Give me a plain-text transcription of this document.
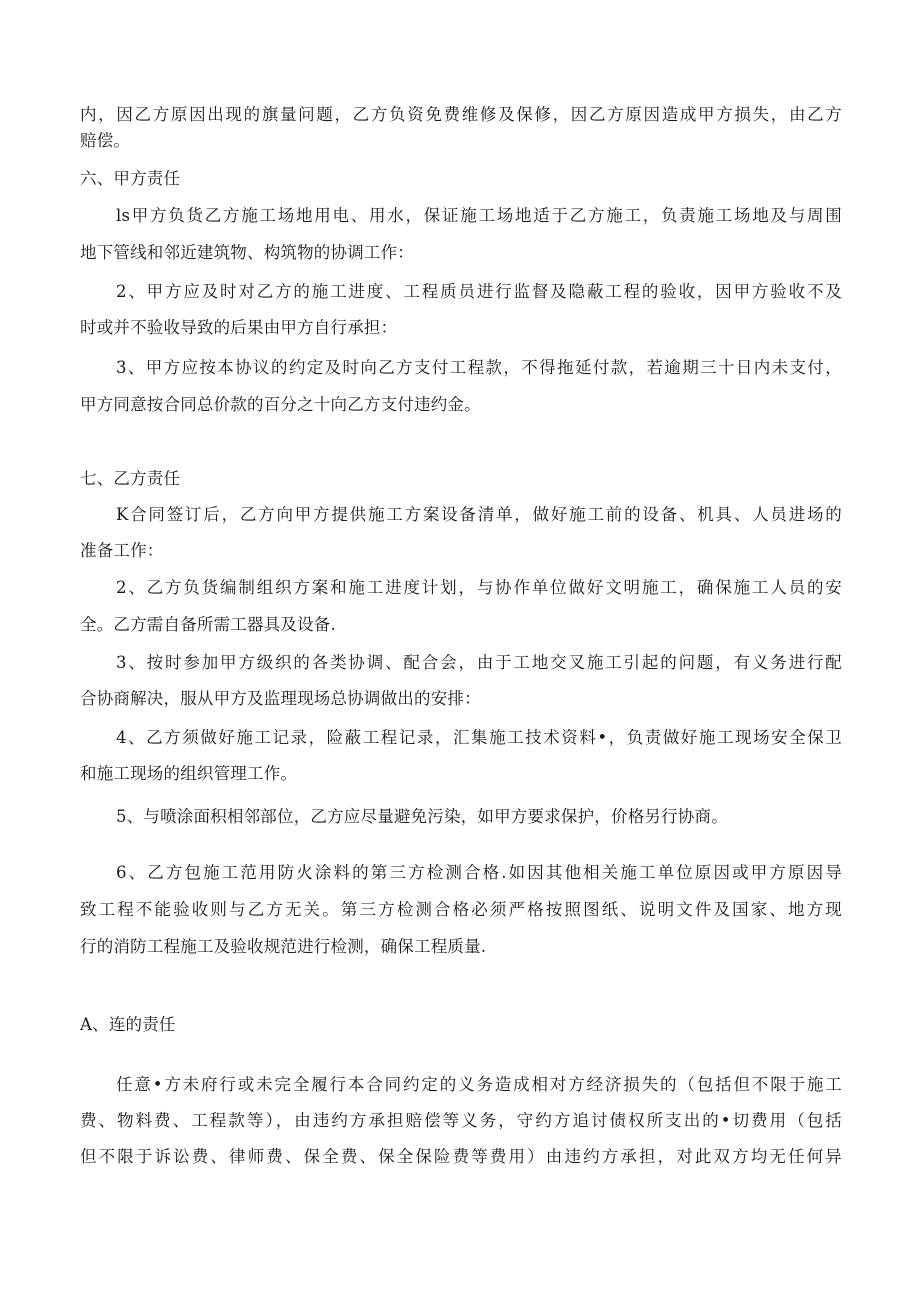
内，因乙方原因出现的旗量问题，乙方负资免费维修及保修，因乙方原因造成甲方损失，由乙方
赔偿。
六、甲方责任
ls甲方负货乙方施工场地用电、用水，保证施工场地适于乙方施工，负责施工场地及与周围
地下管线和邻近建筑物、构筑物的协调工作：
2、甲方应及时对乙方的施工进度、工程质员进行监督及隐蔽工程的验收，因甲方验收不及
时或并不验收导致的后果由甲方自行承担：
3、甲方应按本协议的约定及时向乙方支付工程款，不得拖延付款，若逾期三十日内未支付，
甲方同意按合同总价款的百分之十向乙方支付违约金。
七、乙方责任
K合同签订后，乙方向甲方提供施工方案设备清单，做好施工前的设备、机具、人员进场的
准备工作：
2、乙方负货编制组织方案和施工进度计划，与协作单位做好文明施工，确保施工人员的安
全。乙方需自备所需工器具及设备.
3、按时参加甲方级织的各类协调、配合会，由于工地交叉施工引起的问题，有义务进行配
合协商解决，服从甲方及监理现场总协调做出的安排：
4、乙方须做好施工记录，险蔽工程记录，汇集施工技术资料•，负责做好施工现场安全保卫
和施工现场的组织管理工作。
5、与喷涂面积相邻部位，乙方应尽量避免污染，如甲方要求保护，价格另行协商。
6、乙方包施工范用防火涂料的第三方检测合格.如因其他相关施工单位原因或甲方原因导
致工程不能验收则与乙方无关。第三方检测合格必须严格按照图纸、说明文件及国家、地方现
行的消防工程施工及验收规范进行检测，确保工程质量.
A、连的责任
任意•方未府行或未完全履行本合同约定的义务造成相对方经济损失的（包括但不限于施工
费、物料费、工程款等），由违约方承担赔偿等义务，守约方追讨债权所支出的•切费用（包括
但不限于诉讼费、律师费、保全费、保全保险费等费用）由违约方承担，对此双方均无任何异
